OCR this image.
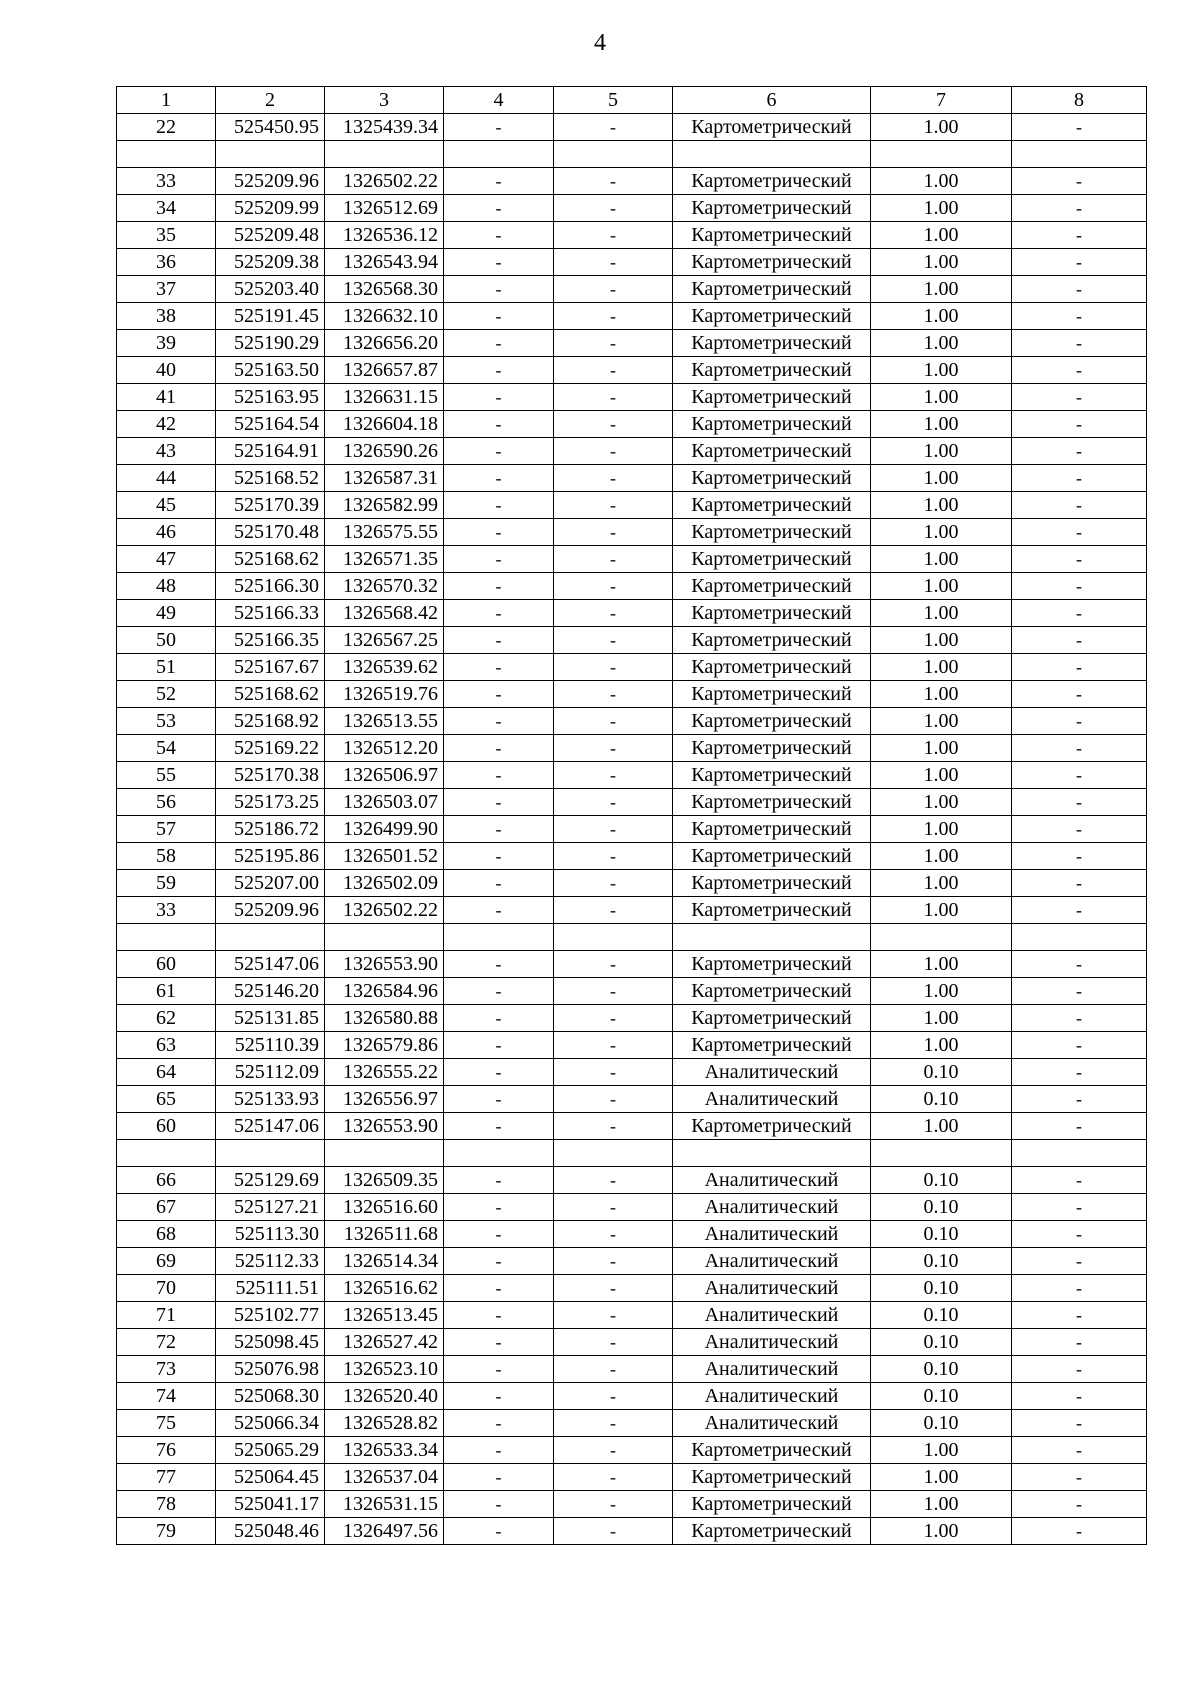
4
1	2	3	4	5	6	7	8
22	525450.95	1325439.34	-	-	Картометрический	1.00	-

33	525209.96	1326502.22	-	-	Картометрический	1.00	-
34	525209.99	1326512.69	-	-	Картометрический	1.00	-
35	525209.48	1326536.12	-	-	Картометрический	1.00	-
36	525209.38	1326543.94	-	-	Картометрический	1.00	-
37	525203.40	1326568.30	-	-	Картометрический	1.00	-
38	525191.45	1326632.10	-	-	Картометрический	1.00	-
39	525190.29	1326656.20	-	-	Картометрический	1.00	-
40	525163.50	1326657.87	-	-	Картометрический	1.00	-
41	525163.95	1326631.15	-	-	Картометрический	1.00	-
42	525164.54	1326604.18	-	-	Картометрический	1.00	-
43	525164.91	1326590.26	-	-	Картометрический	1.00	-
44	525168.52	1326587.31	-	-	Картометрический	1.00	-
45	525170.39	1326582.99	-	-	Картометрический	1.00	-
46	525170.48	1326575.55	-	-	Картометрический	1.00	-
47	525168.62	1326571.35	-	-	Картометрический	1.00	-
48	525166.30	1326570.32	-	-	Картометрический	1.00	-
49	525166.33	1326568.42	-	-	Картометрический	1.00	-
50	525166.35	1326567.25	-	-	Картометрический	1.00	-
51	525167.67	1326539.62	-	-	Картометрический	1.00	-
52	525168.62	1326519.76	-	-	Картометрический	1.00	-
53	525168.92	1326513.55	-	-	Картометрический	1.00	-
54	525169.22	1326512.20	-	-	Картометрический	1.00	-
55	525170.38	1326506.97	-	-	Картометрический	1.00	-
56	525173.25	1326503.07	-	-	Картометрический	1.00	-
57	525186.72	1326499.90	-	-	Картометрический	1.00	-
58	525195.86	1326501.52	-	-	Картометрический	1.00	-
59	525207.00	1326502.09	-	-	Картометрический	1.00	-
33	525209.96	1326502.22	-	-	Картометрический	1.00	-

60	525147.06	1326553.90	-	-	Картометрический	1.00	-
61	525146.20	1326584.96	-	-	Картометрический	1.00	-
62	525131.85	1326580.88	-	-	Картометрический	1.00	-
63	525110.39	1326579.86	-	-	Картометрический	1.00	-
64	525112.09	1326555.22	-	-	Аналитический	0.10	-
65	525133.93	1326556.97	-	-	Аналитический	0.10	-
60	525147.06	1326553.90	-	-	Картометрический	1.00	-

66	525129.69	1326509.35	-	-	Аналитический	0.10	-
67	525127.21	1326516.60	-	-	Аналитический	0.10	-
68	525113.30	1326511.68	-	-	Аналитический	0.10	-
69	525112.33	1326514.34	-	-	Аналитический	0.10	-
70	525111.51	1326516.62	-	-	Аналитический	0.10	-
71	525102.77	1326513.45	-	-	Аналитический	0.10	-
72	525098.45	1326527.42	-	-	Аналитический	0.10	-
73	525076.98	1326523.10	-	-	Аналитический	0.10	-
74	525068.30	1326520.40	-	-	Аналитический	0.10	-
75	525066.34	1326528.82	-	-	Аналитический	0.10	-
76	525065.29	1326533.34	-	-	Картометрический	1.00	-
77	525064.45	1326537.04	-	-	Картометрический	1.00	-
78	525041.17	1326531.15	-	-	Картометрический	1.00	-
79	525048.46	1326497.56	-	-	Картометрический	1.00	-
